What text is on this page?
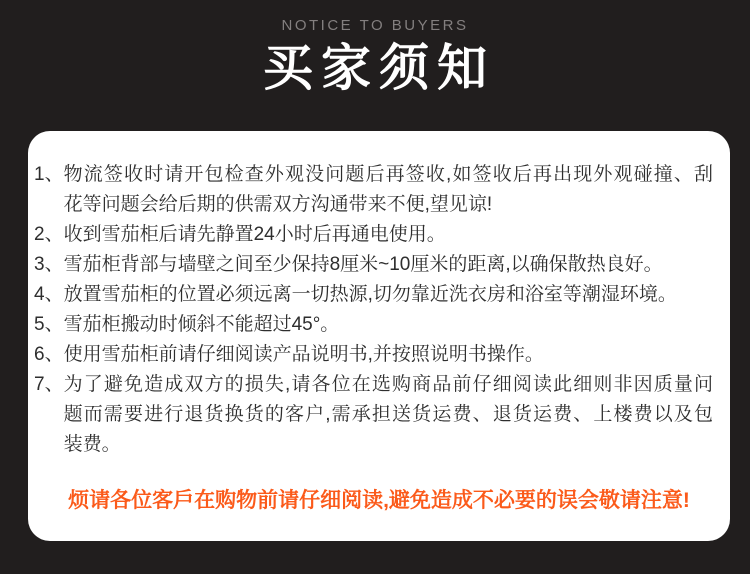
NOTICE TO BUYERS
买家须知
1、 物流签收时请开包检查外观没问题后再签收,如签收后再出现外观碰撞、刮
花等问题会给后期的供需双方沟通带来不便,望见谅!
2、 收到雪茄柜后请先静置24小时后再通电使用。
3、 雪茄柜背部与墙壁之间至少保持8厘米~10厘米的距离,以确保散热良好。
4、 放置雪茄柜的位置必须远离一切热源,切勿靠近洗衣房和浴室等潮湿环境。
5、 雪茄柜搬动时倾斜不能超过45°。
6、 使用雪茄柜前请仔细阅读产品说明书,并按照说明书操作。
7、 为了避免造成双方的损失,请各位在选购商品前仔细阅读此细则非因质量问
题而需要进行退货换货的客户,需承担送货运费、退货运费、上楼费以及包
装费。
烦请各位客戶在购物前请仔细阅读,避免造成不必要的误会敬请注意!
